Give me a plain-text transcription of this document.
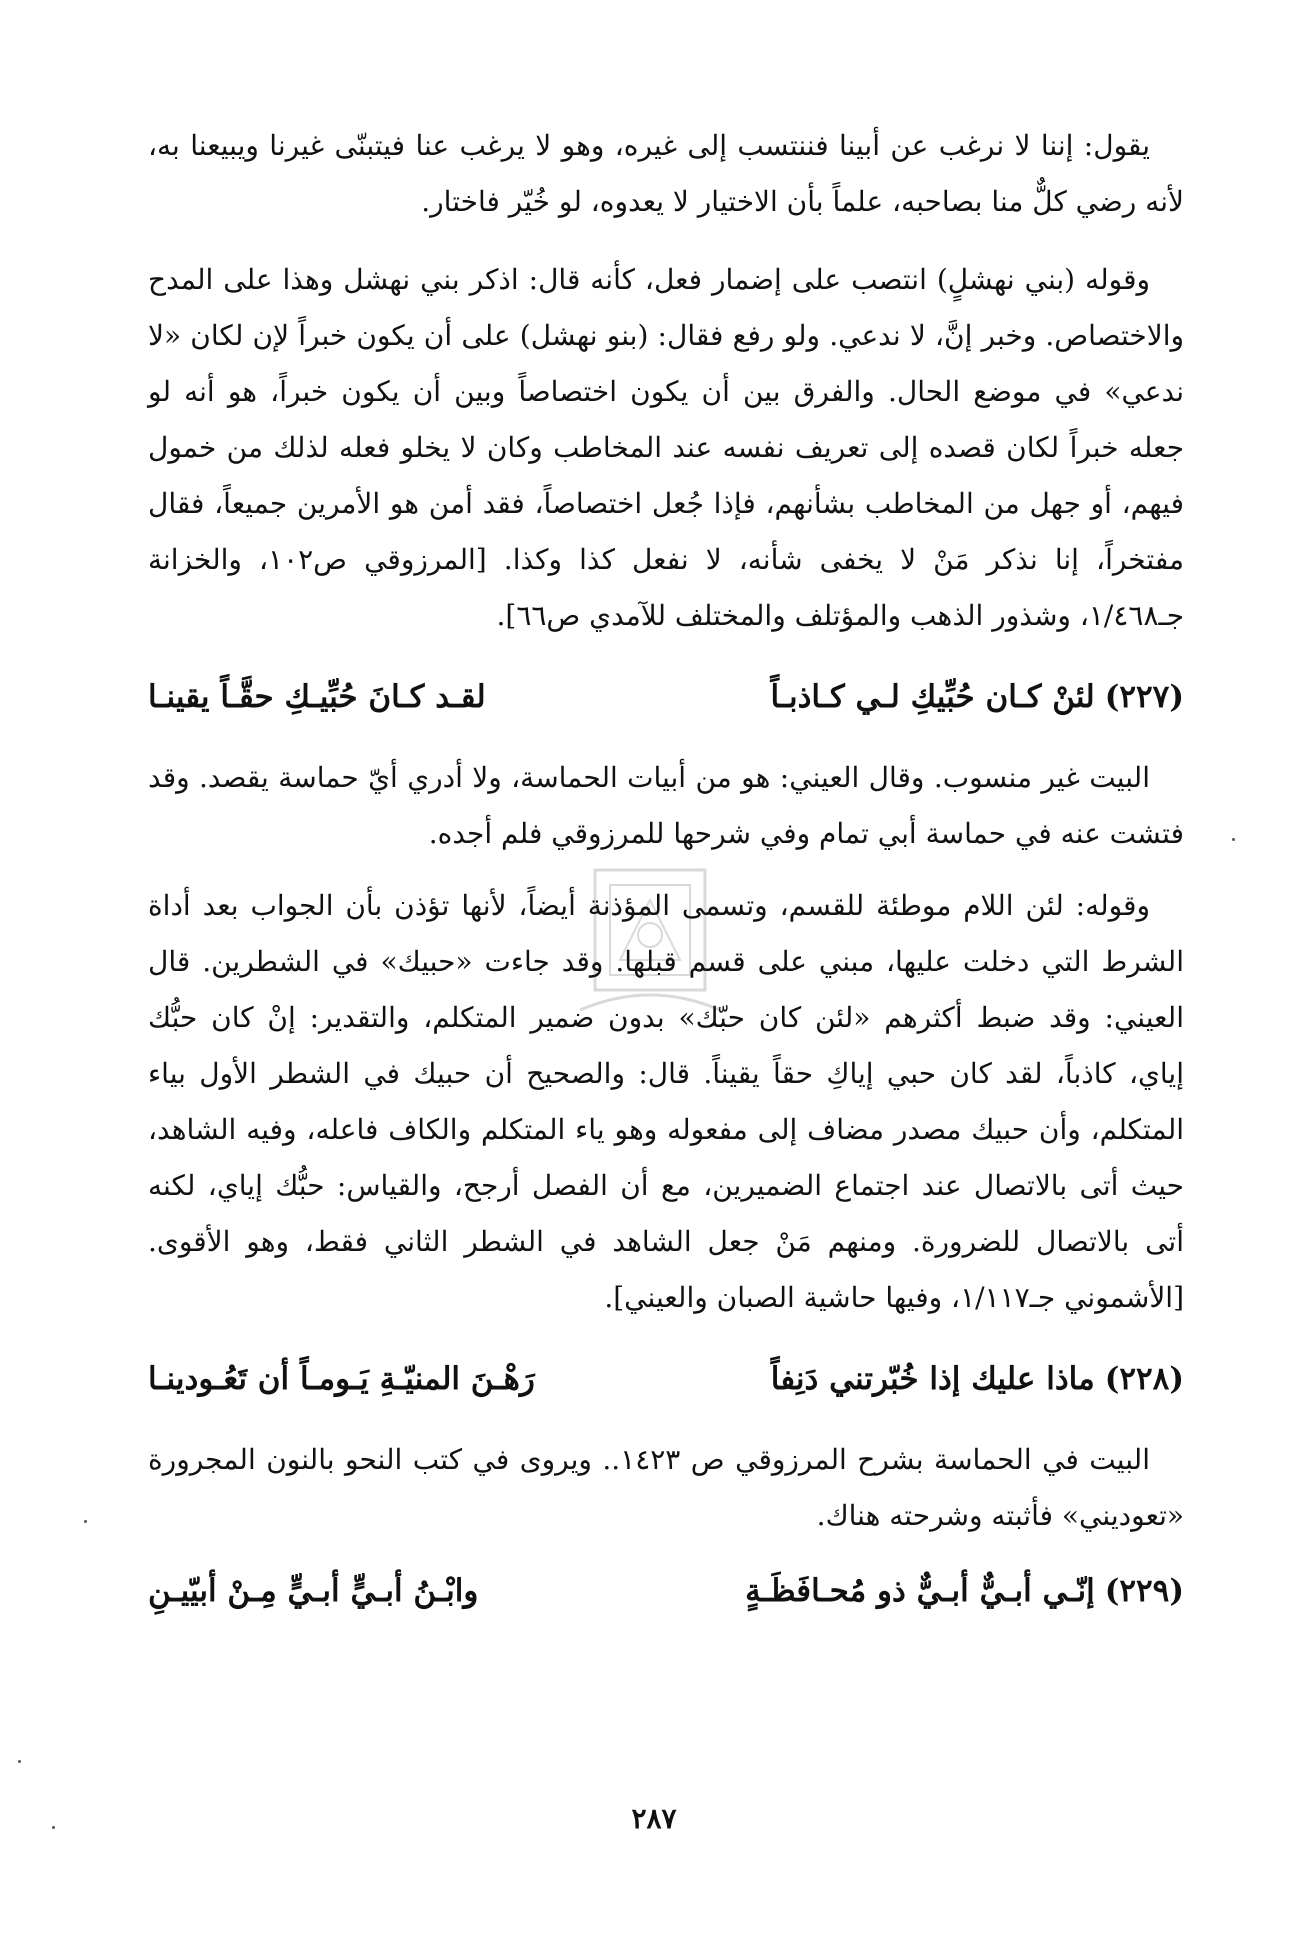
يقول: إننا لا نرغب عن أبينا فننتسب إلى غيره، وهو لا يرغب عنا فيتبنّى غيرنا ويبيعنا به، لأنه رضي كلٌّ منا بصاحبه، علماً بأن الاختيار لا يعدوه، لو خُيّر فاختار.

وقوله (بني نهشلٍ) انتصب على إضمار فعل، كأنه قال: اذكر بني نهشل وهذا على المدح والاختصاص. وخبر إنَّ، لا ندعي. ولو رفع فقال: (بنو نهشل) على أن يكون خبراً لإن لكان «لا ندعي» في موضع الحال. والفرق بين أن يكون اختصاصاً وبين أن يكون خبراً، هو أنه لو جعله خبراً لكان قصده إلى تعريف نفسه عند المخاطب وكان لا يخلو فعله لذلك من خمول فيهم، أو جهل من المخاطب بشأنهم، فإذا جُعل اختصاصاً، فقد أمن هو الأمرين جميعاً، فقال مفتخراً، إنا نذكر مَنْ لا يخفى شأنه، لا نفعل كذا وكذا. [المرزوقي ص١٠٢، والخزانة جـ١/٤٦٨، وشذور الذهب والمؤتلف والمختلف للآمدي ص٦٦].

(٢٢٧)
لئنْ كـان حُبِّيكِ لـي كـاذبـاً
لقـد كـانَ حُبِّيـكِ حقَّـاً يقينـا

البيت غير منسوب. وقال العيني: هو من أبيات الحماسة، ولا أدري أيّ حماسة يقصد. وقد فتشت عنه في حماسة أبي تمام وفي شرحها للمرزوقي فلم أجده.

وقوله: لئن اللام موطئة للقسم، وتسمى المؤذنة أيضاً، لأنها تؤذن بأن الجواب بعد أداة الشرط التي دخلت عليها، مبني على قسم قبلها. وقد جاءت «حبيك» في الشطرين. قال العيني: وقد ضبط أكثرهم «لئن كان حبّك» بدون ضمير المتكلم، والتقدير: إنْ كان حبُّك إياي، كاذباً، لقد كان حبي إياكِ حقاً يقيناً. قال: والصحيح أن حبيك في الشطر الأول بياء المتكلم، وأن حبيك مصدر مضاف إلى مفعوله وهو ياء المتكلم والكاف فاعله، وفيه الشاهد، حيث أتى بالاتصال عند اجتماع الضميرين، مع أن الفصل أرجح، والقياس: حبُّك إياي، لكنه أتى بالاتصال للضرورة. ومنهم مَنْ جعل الشاهد في الشطر الثاني فقط، وهو الأقوى. [الأشموني جـ١/١١٧، وفيها حاشية الصبان والعيني].

(٢٢٨)
ماذا عليك إذا خُبّرتني دَنِفاً
رَهْـنَ المنيّـةِ يَـومـاً أن تَعُـودينـا

البيت في الحماسة بشرح المرزوقي ص ١٤٢٣.. ويروى في كتب النحو بالنون المجرورة «تعوديني» فأثبته وشرحته هناك.

(٢٢٩)
إنّـي أبـيٌّ أبـيٌّ ذو مُحـافَظَـةٍ
وابْـنُ أبـيٍّ أبـيٍّ مِـنْ أبيّيـنِ
٢٨٧
